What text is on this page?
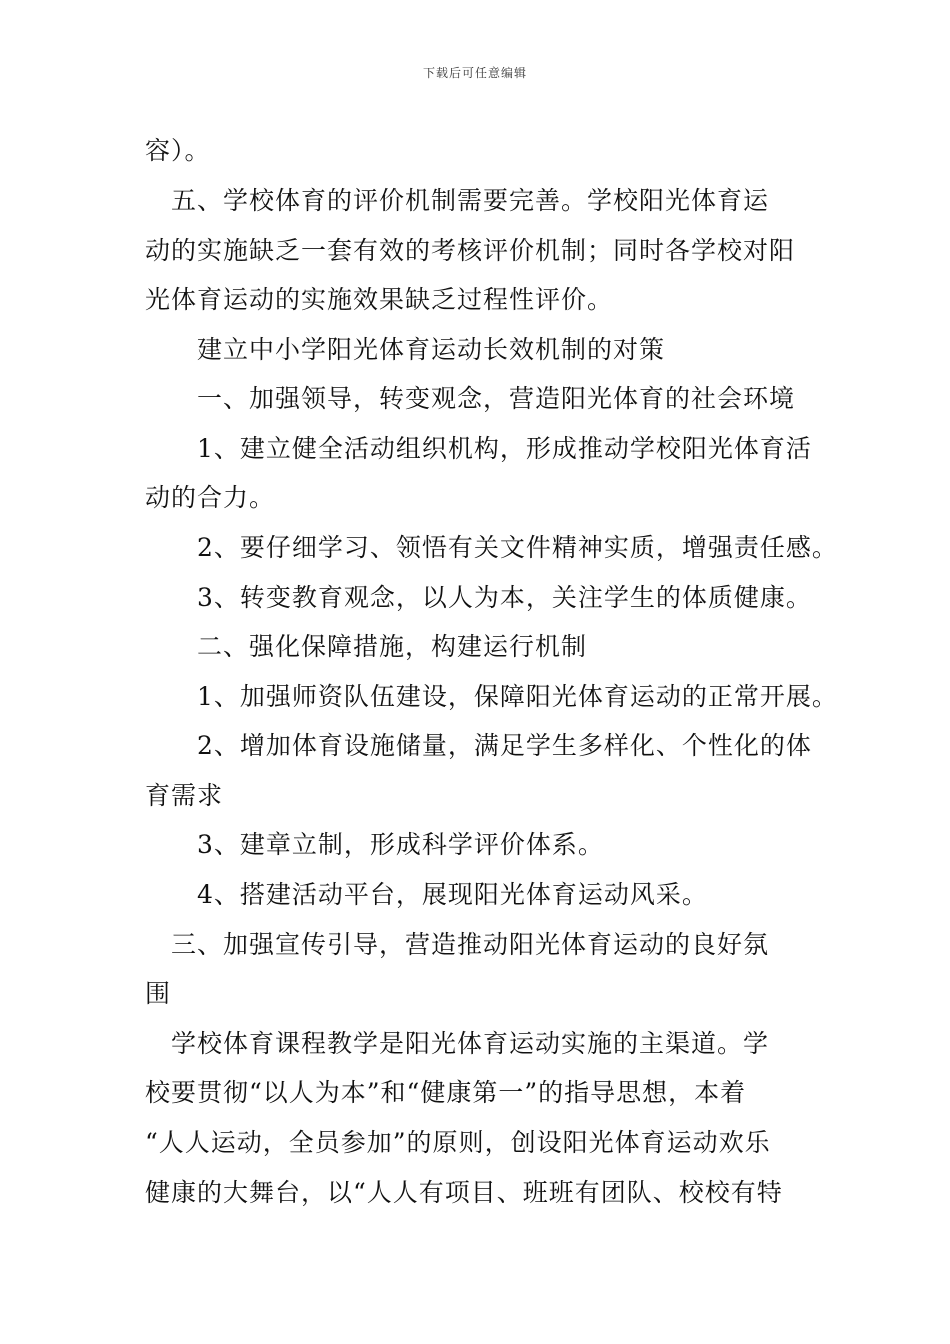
下载后可任意编辑
容）。
　五、学校体育的评价机制需要完善。学校阳光体育运
动的实施缺乏一套有效的考核评价机制；同时各学校对阳
光体育运动的实施效果缺乏过程性评价。
　　建立中小学阳光体育运动长效机制的对策
　　一、加强领导，转变观念，营造阳光体育的社会环境
　　1、建立健全活动组织机构，形成推动学校阳光体育活
动的合力。
　　2、要仔细学习、领悟有关文件精神实质，增强责任感。
　　3、转变教育观念，以人为本，关注学生的体质健康。
　　二、强化保障措施，构建运行机制
　　1、加强师资队伍建设，保障阳光体育运动的正常开展。
　　2、增加体育设施储量，满足学生多样化、个性化的体
育需求
　　3、建章立制，形成科学评价体系。
　　4、搭建活动平台，展现阳光体育运动风采。
　三、加强宣传引导，营造推动阳光体育运动的良好氛
围
　学校体育课程教学是阳光体育运动实施的主渠道。学
校要贯彻“以人为本”和“健康第一”的指导思想，本着
“人人运动，全员参加”的原则，创设阳光体育运动欢乐
健康的大舞台，以“人人有项目、班班有团队、校校有特
